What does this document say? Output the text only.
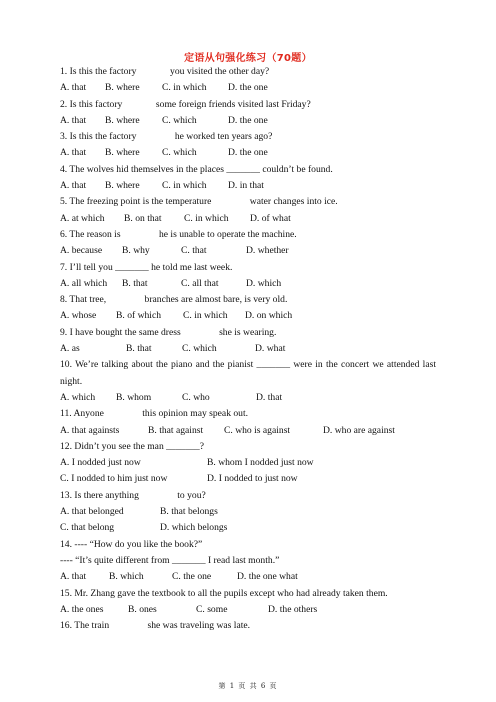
定语从句强化练习（70题）
1. Is this the factory              you visited the other day?
A. that	B. where	C. in which	D. the one
2. Is this factory              some foreign friends visited last Friday?
A. that	B. where	C. which	D. the one
3. Is this the factory                he worked ten years ago?
A. that	B. where	C. which	D. the one
4. The wolves hid themselves in the places _______ couldn’t be found.
A. that	B. where	C. in which	D. in that
5. The freezing point is the temperature                water changes into ice.
A. at which	B. on that	C. in which	D. of what
6. The reason is                he is unable to operate the machine.
A. because	B. why	C. that	D. whether
7. I’ll tell you _______ he told me last week.
A. all which	B. that	C. all that	D. which
8. That tree,                branches are almost bare, is very old.
A. whose	B. of which	C. in which	D. on which
9. I have bought the same dress                she is wearing.
A. as	B. that	C. which	D. what
10. We’re talking about the piano and the pianist _______ were in the concert we attended last night.
A. which	B. whom	C. who	D. that
11. Anyone                this opinion may speak out.
A. that againsts	B. that against	C. who is against	D. who are against
12. Didn’t you see the man _______?
A. I nodded just now	B. whom I nodded just now
C. I nodded to him just now	D. I nodded to just now
13. Is there anything                to you?
A. that belonged	B. that belongs
C. that belong	D. which belongs
14. ---- “How do you like the book?”
---- “It’s quite different from _______ I read last month.”
A. that	B. which	C. the one	D. the one what
15. Mr. Zhang gave the textbook to all the pupils except who had already taken them.
A. the ones	B. ones	C. some	D. the others
16. The train                she was traveling was late.
第 1 页 共 6 页
